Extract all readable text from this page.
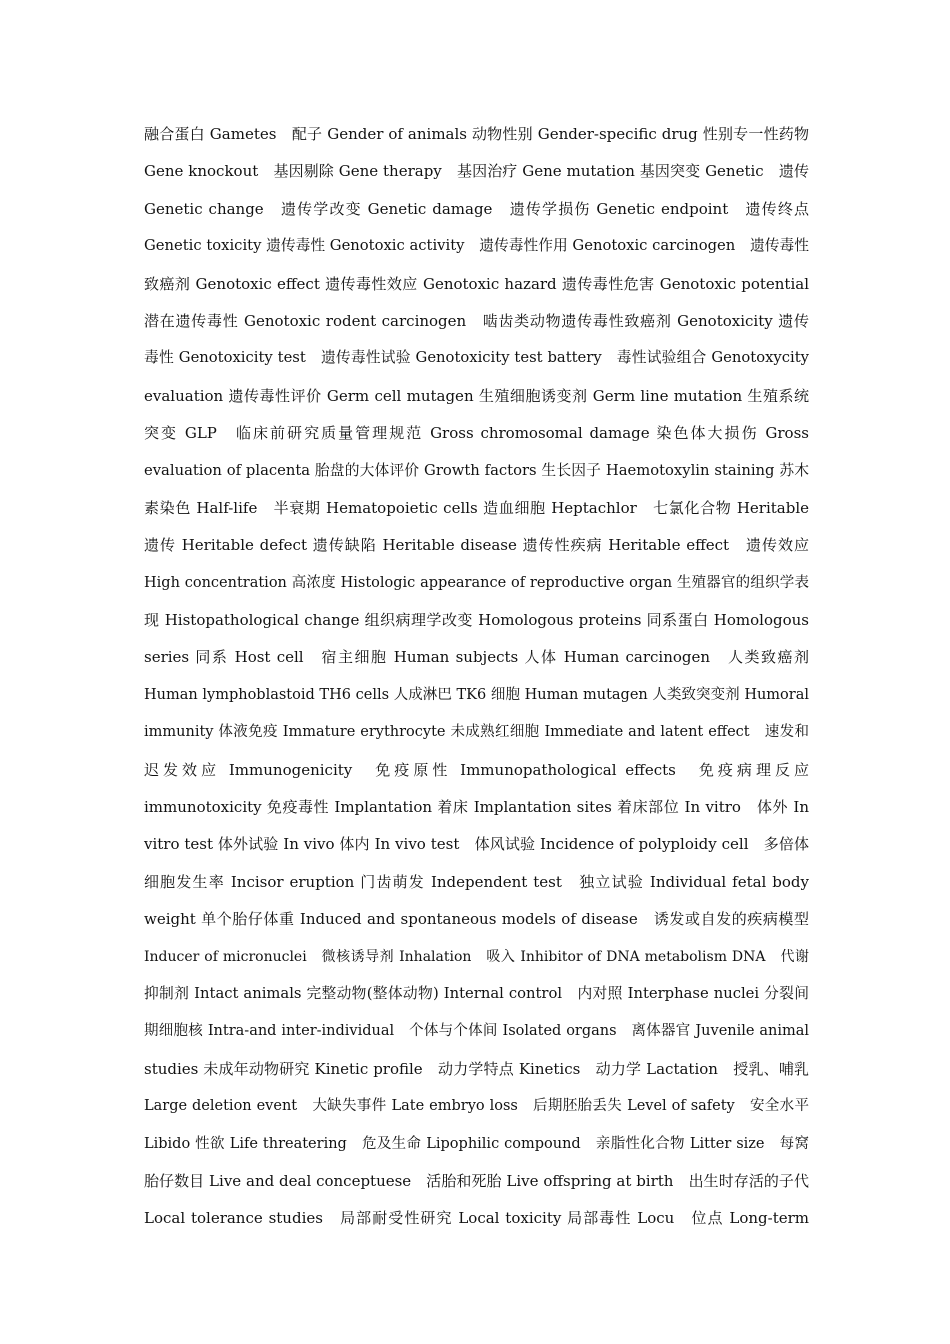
融合蛋白 Gametes　配子 Gender of animals 动物性别 Gender-specific drug 性别专一性药物
Gene knockout　基因剔除 Gene therapy　基因治疗 Gene mutation 基因突变 Genetic　遗传
Genetic change　遗传学改变 Genetic damage　遗传学损伤 Genetic endpoint　遗传终点
Genetic toxicity 遗传毒性 Genotoxic activity　遗传毒性作用 Genotoxic carcinogen　遗传毒性
致癌剂 Genotoxic effect 遗传毒性效应 Genotoxic hazard 遗传毒性危害 Genotoxic potential
潜在遗传毒性 Genotoxic rodent carcinogen　啮齿类动物遗传毒性致癌剂 Genotoxicity 遗传
毒性 Genotoxicity test　遗传毒性试验 Genotoxicity test battery　毒性试验组合 Genotoxycity
evaluation 遗传毒性评价 Germ cell mutagen 生殖细胞诱变剂 Germ line mutation 生殖系统
突变 GLP　临床前研究质量管理规范 Gross chromosomal damage 染色体大损伤 Gross
evaluation of placenta 胎盘的大体评价 Growth factors 生长因子 Haemotoxylin staining 苏木
素染色 Half-life　半衰期 Hematopoietic cells 造血细胞 Heptachlor　七氯化合物 Heritable
遗传 Heritable defect 遗传缺陷 Heritable disease 遗传性疾病 Heritable effect　遗传效应
High concentration 高浓度 Histologic appearance of reproductive organ 生殖器官的组织学表
现 Histopathological change 组织病理学改变 Homologous proteins 同系蛋白 Homologous
series 同系 Host cell　宿主细胞 Human subjects 人体 Human carcinogen　人类致癌剂
Human lymphoblastoid TH6 cells 人成淋巴 TK6 细胞 Human mutagen 人类致突变剂 Humoral
immunity 体液免疫 Immature erythrocyte 未成熟红细胞 Immediate and latent effect　速发和
迟发效应 Immunogenicity　免疫原性 Immunopathological effects　免疫病理反应
immunotoxicity 免疫毒性 Implantation 着床 Implantation sites 着床部位 In vitro　体外 In
vitro test 体外试验 In vivo 体内 In vivo test　体风试验 Incidence of polyploidy cell　多倍体
细胞发生率 Incisor eruption 门齿萌发 Independent test　独立试验 Individual fetal body
weight 单个胎仔体重 Induced and spontaneous models of disease　诱发或自发的疾病模型
Inducer of micronuclei　微核诱导剂 Inhalation　吸入 Inhibitor of DNA metabolism DNA　代谢
抑制剂 Intact animals 完整动物(整体动物) Internal control　内对照 Interphase nuclei 分裂间
期细胞核 Intra-and inter-individual　个体与个体间 Isolated organs　离体器官 Juvenile animal
studies 未成年动物研究 Kinetic profile　动力学特点 Kinetics　动力学 Lactation　授乳、哺乳
Large deletion event　大缺失事件 Late embryo loss　后期胚胎丢失 Level of safety　安全水平
Libido 性欲 Life threatering　危及生命 Lipophilic compound　亲脂性化合物 Litter size　每窝
胎仔数目 Live and deal conceptuese　活胎和死胎 Live offspring at birth　出生时存活的子代
Local tolerance studies　局部耐受性研究 Local toxicity 局部毒性 Locu　位点 Long-term
